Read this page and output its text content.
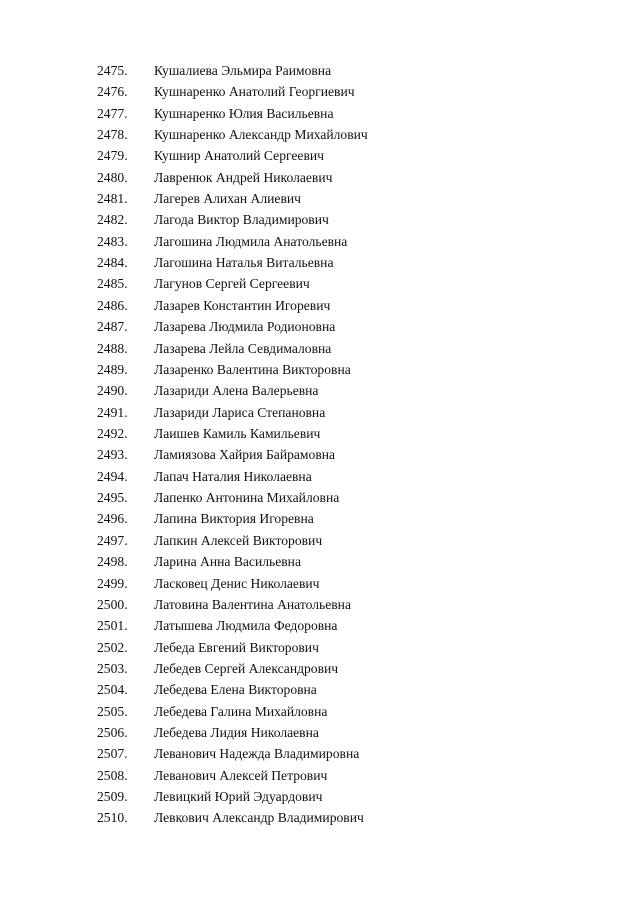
2475.	Кушалиева Эльмира Раимовна
2476.	Кушнаренко Анатолий Георгиевич
2477.	Кушнаренко Юлия Васильевна
2478.	Кушнаренко Александр Михайлович
2479.	Кушнир Анатолий Сергеевич
2480.	Лавренюк Андрей Николаевич
2481.	Лагерев Алихан Алиевич
2482.	Лагода Виктор Владимирович
2483.	Лагошина Людмила Анатольевна
2484.	Лагошина Наталья Витальевна
2485.	Лагунов Сергей Сергеевич
2486.	Лазарев Константин Игоревич
2487.	Лазарева Людмила Родионовна
2488.	Лазарева Лейла Севдималовна
2489.	Лазаренко Валентина Викторовна
2490.	Лазариди Алена Валерьевна
2491.	Лазариди Лариса Степановна
2492.	Лаишев Камиль Камильевич
2493.	Ламиязова Хайрия Байрамовна
2494.	Лапач Наталия Николаевна
2495.	Лапенко Антонина Михайловна
2496.	Лапина Виктория Игоревна
2497.	Лапкин Алексей Викторович
2498.	Ларина Анна Васильевна
2499.	Ласковец Денис Николаевич
2500.	Латовина Валентина Анатольевна
2501.	Латышева Людмила Федоровна
2502.	Лебеда Евгений Викторович
2503.	Лебедев Сергей Александрович
2504.	Лебедева Елена Викторовна
2505.	Лебедева Галина Михайловна
2506.	Лебедева Лидия Николаевна
2507.	Леванович Надежда Владимировна
2508.	Леванович Алексей Петрович
2509.	Левицкий Юрий Эдуардович
2510.	Левкович Александр Владимирович
